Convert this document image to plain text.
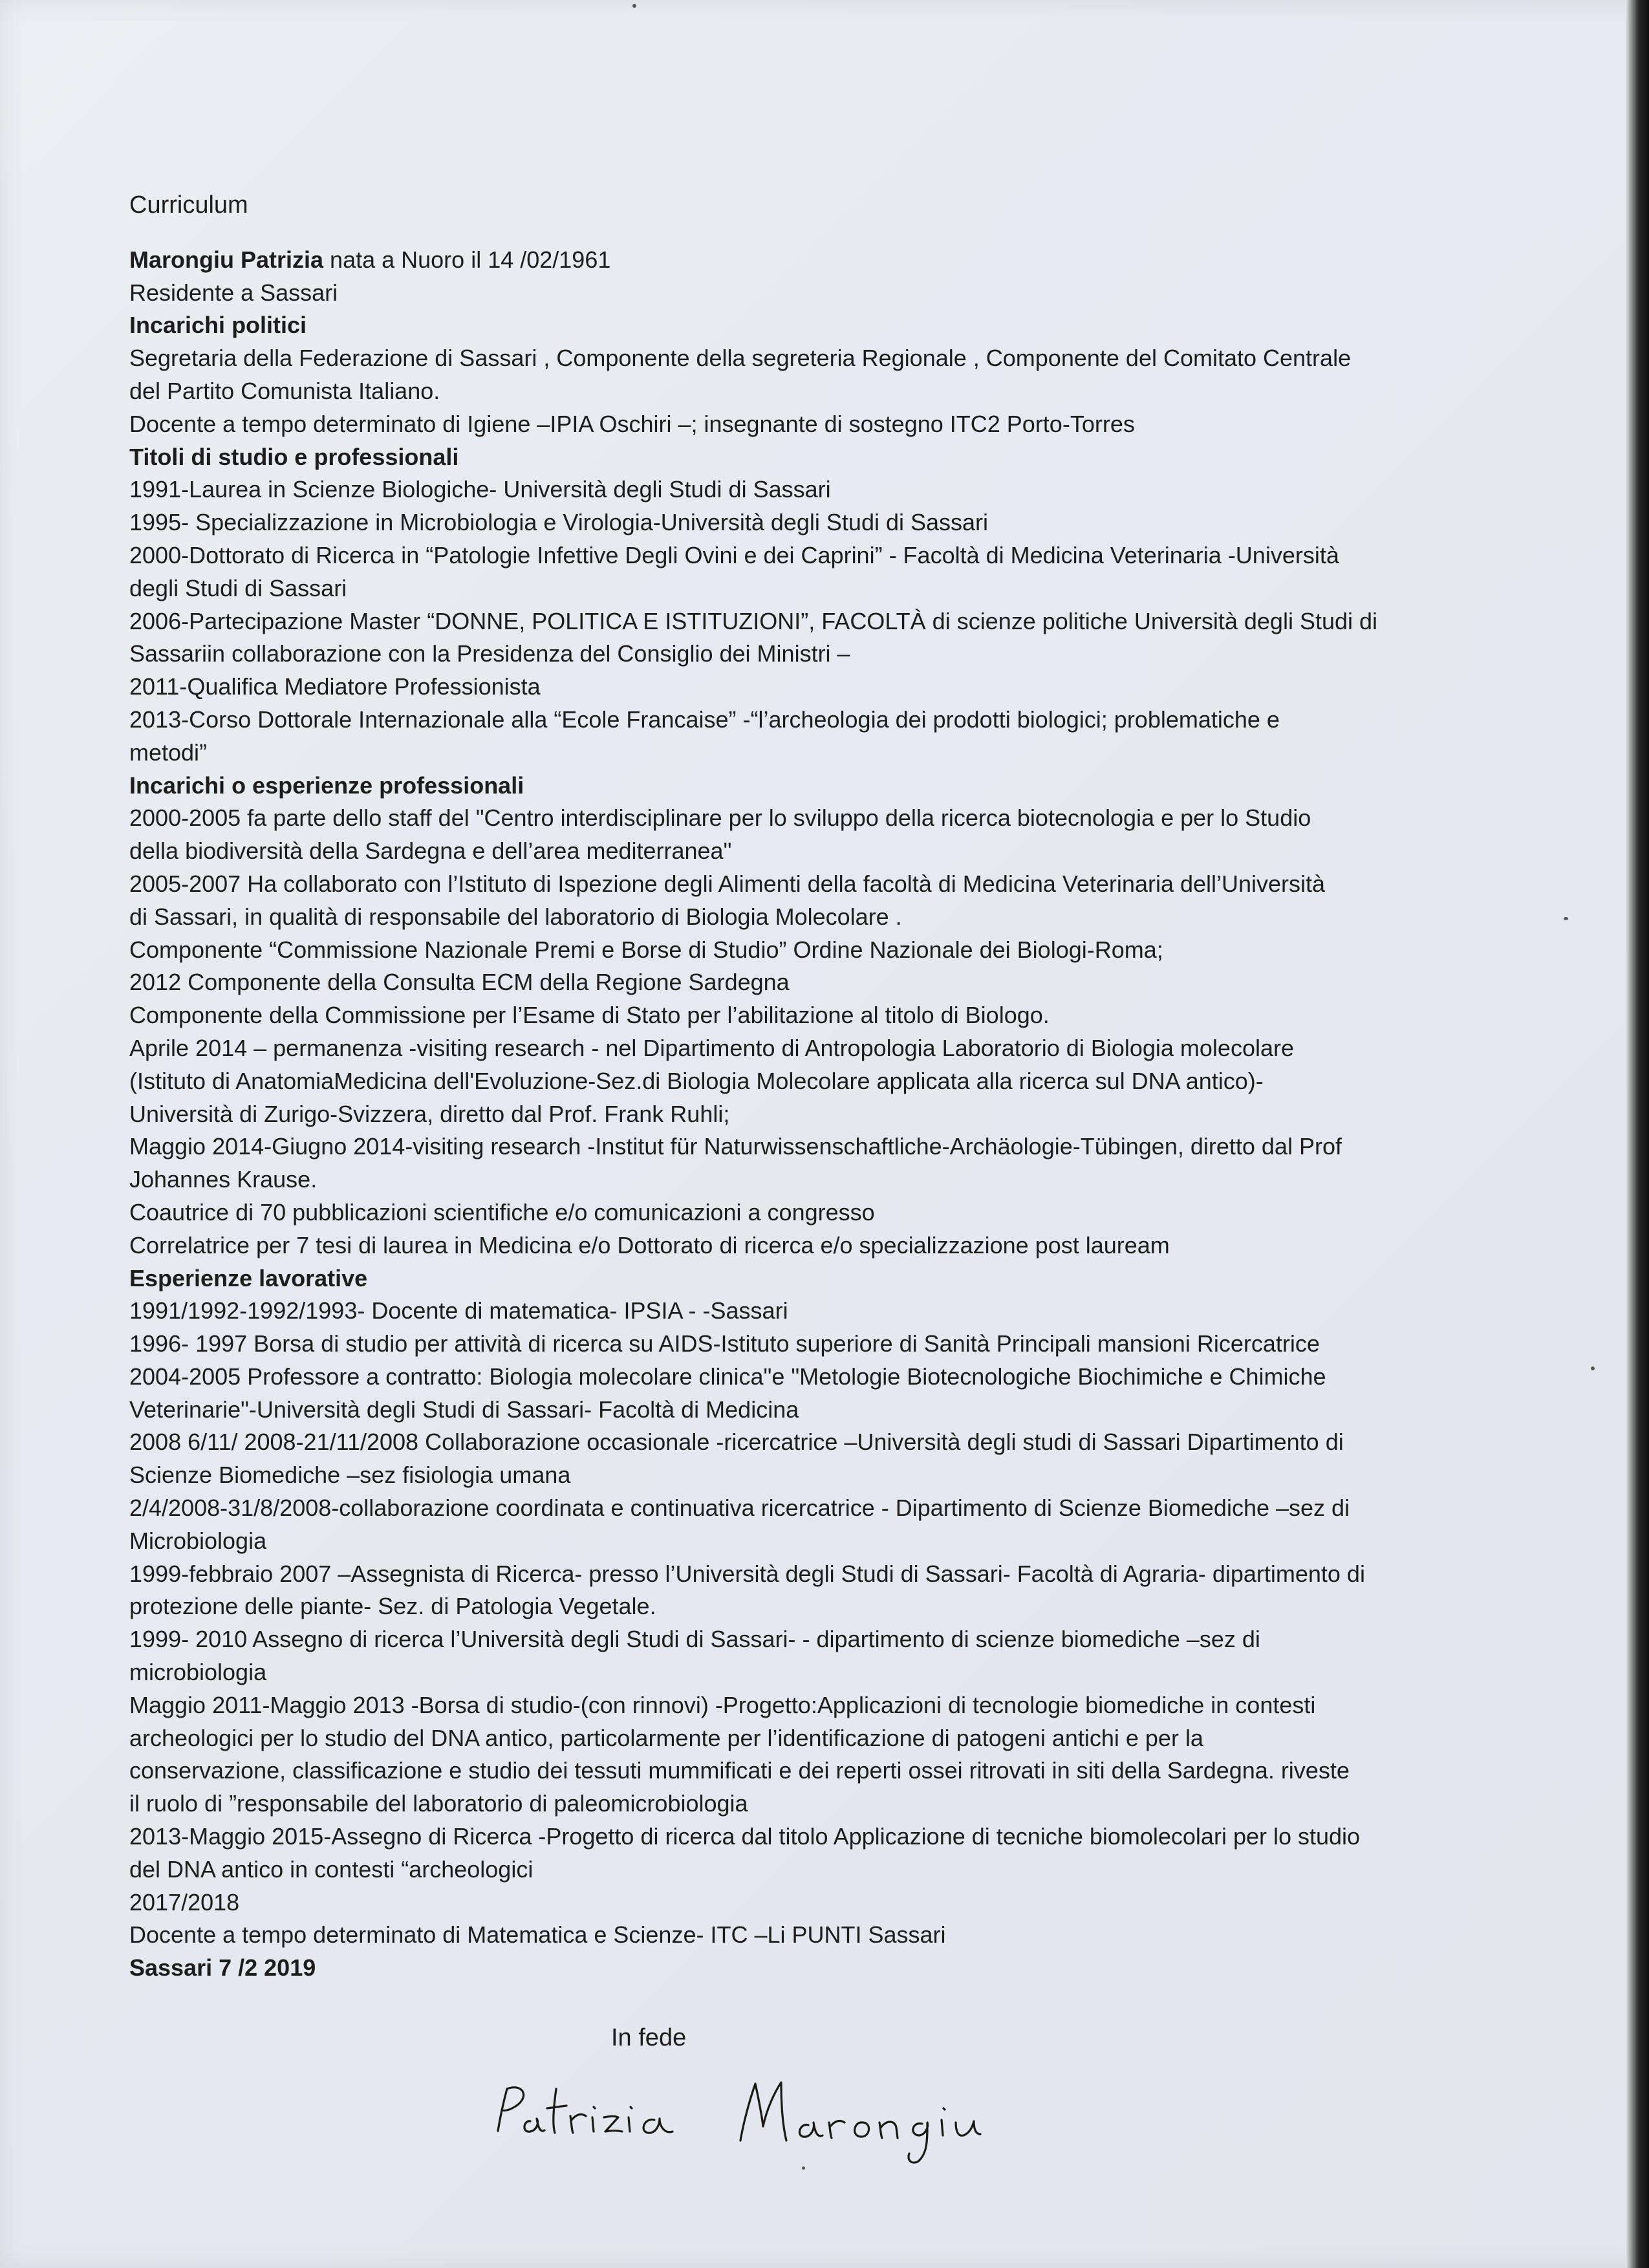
Curriculum
Marongiu Patrizia nata a Nuoro il 14 /02/1961
Residente a Sassari
Incarichi politici
Segretaria della Federazione di Sassari , Componente della segreteria Regionale , Componente del Comitato Centrale
del Partito Comunista Italiano.
Docente a tempo determinato di Igiene –IPIA Oschiri –; insegnante di sostegno ITC2 Porto-Torres
Titoli di studio e professionali
1991-Laurea in Scienze Biologiche- Università degli Studi di Sassari
1995- Specializzazione in Microbiologia e Virologia-Università degli Studi di Sassari
2000-Dottorato di Ricerca in “Patologie Infettive Degli Ovini e dei Caprini” - Facoltà di Medicina Veterinaria -Università
degli Studi di Sassari
2006-Partecipazione Master “DONNE, POLITICA E ISTITUZIONI”, FACOLTÀ di scienze politiche Università degli Studi di
Sassariin collaborazione con la Presidenza del Consiglio dei Ministri –
2011-Qualifica Mediatore Professionista
2013-Corso Dottorale Internazionale alla “Ecole Francaise” -“l’archeologia dei prodotti biologici; problematiche e
metodi”
Incarichi o esperienze professionali
2000-2005 fa parte dello staff del "Centro interdisciplinare per lo sviluppo della ricerca biotecnologia e per lo Studio
della biodiversità della Sardegna e dell’area mediterranea"
2005-2007 Ha collaborato con l’Istituto di Ispezione degli Alimenti della facoltà di Medicina Veterinaria dell’Università
di Sassari, in qualità di responsabile del laboratorio di Biologia Molecolare .
Componente “Commissione Nazionale Premi e Borse di Studio” Ordine Nazionale dei Biologi-Roma;
2012 Componente della Consulta ECM della Regione Sardegna
Componente della Commissione per l’Esame di Stato per l’abilitazione al titolo di Biologo.
Aprile 2014 – permanenza -visiting research - nel Dipartimento di Antropologia Laboratorio di Biologia molecolare
(Istituto di AnatomiaMedicina dell'Evoluzione-Sez.di Biologia Molecolare applicata alla ricerca sul DNA antico)-
Università di Zurigo-Svizzera, diretto dal Prof. Frank Ruhli;
Maggio 2014-Giugno 2014-visiting research -Institut für Naturwissenschaftliche-Archäologie-Tübingen, diretto dal Prof
Johannes Krause.
Coautrice di 70 pubblicazioni scientifiche e/o comunicazioni a congresso
Correlatrice per 7 tesi di laurea in Medicina e/o Dottorato di ricerca e/o specializzazione post lauream
Esperienze lavorative
1991/1992-1992/1993- Docente di matematica- IPSIA - -Sassari
1996- 1997 Borsa di studio per attività di ricerca su AIDS-Istituto superiore di Sanità Principali mansioni Ricercatrice
2004-2005 Professore a contratto: Biologia molecolare clinica"e "Metologie Biotecnologiche Biochimiche e Chimiche
Veterinarie"-Università degli Studi di Sassari- Facoltà di Medicina
2008 6/11/ 2008-21/11/2008 Collaborazione occasionale -ricercatrice –Università degli studi di Sassari Dipartimento di
Scienze Biomediche –sez fisiologia umana
2/4/2008-31/8/2008-collaborazione coordinata e continuativa ricercatrice - Dipartimento di Scienze Biomediche –sez di
Microbiologia
1999-febbraio 2007 –Assegnista di Ricerca- presso l’Università degli Studi di Sassari- Facoltà di Agraria- dipartimento di
protezione delle piante- Sez. di Patologia Vegetale.
1999- 2010 Assegno di ricerca l’Università degli Studi di Sassari- - dipartimento di scienze biomediche –sez di
microbiologia
Maggio 2011-Maggio 2013 -Borsa di studio-(con rinnovi) -Progetto:Applicazioni di tecnologie biomediche in contesti
archeologici per lo studio del DNA antico, particolarmente per l’identificazione di patogeni antichi e per la
conservazione, classificazione e studio dei tessuti mummificati e dei reperti ossei ritrovati in siti della Sardegna. riveste
il ruolo di ”responsabile del laboratorio di paleomicrobiologia
2013-Maggio 2015-Assegno di Ricerca -Progetto di ricerca dal titolo Applicazione di tecniche biomolecolari per lo studio
del DNA antico in contesti “archeologici
2017/2018
Docente a tempo determinato di Matematica e Scienze- ITC –Li PUNTI Sassari
Sassari 7 /2 2019
In fede
